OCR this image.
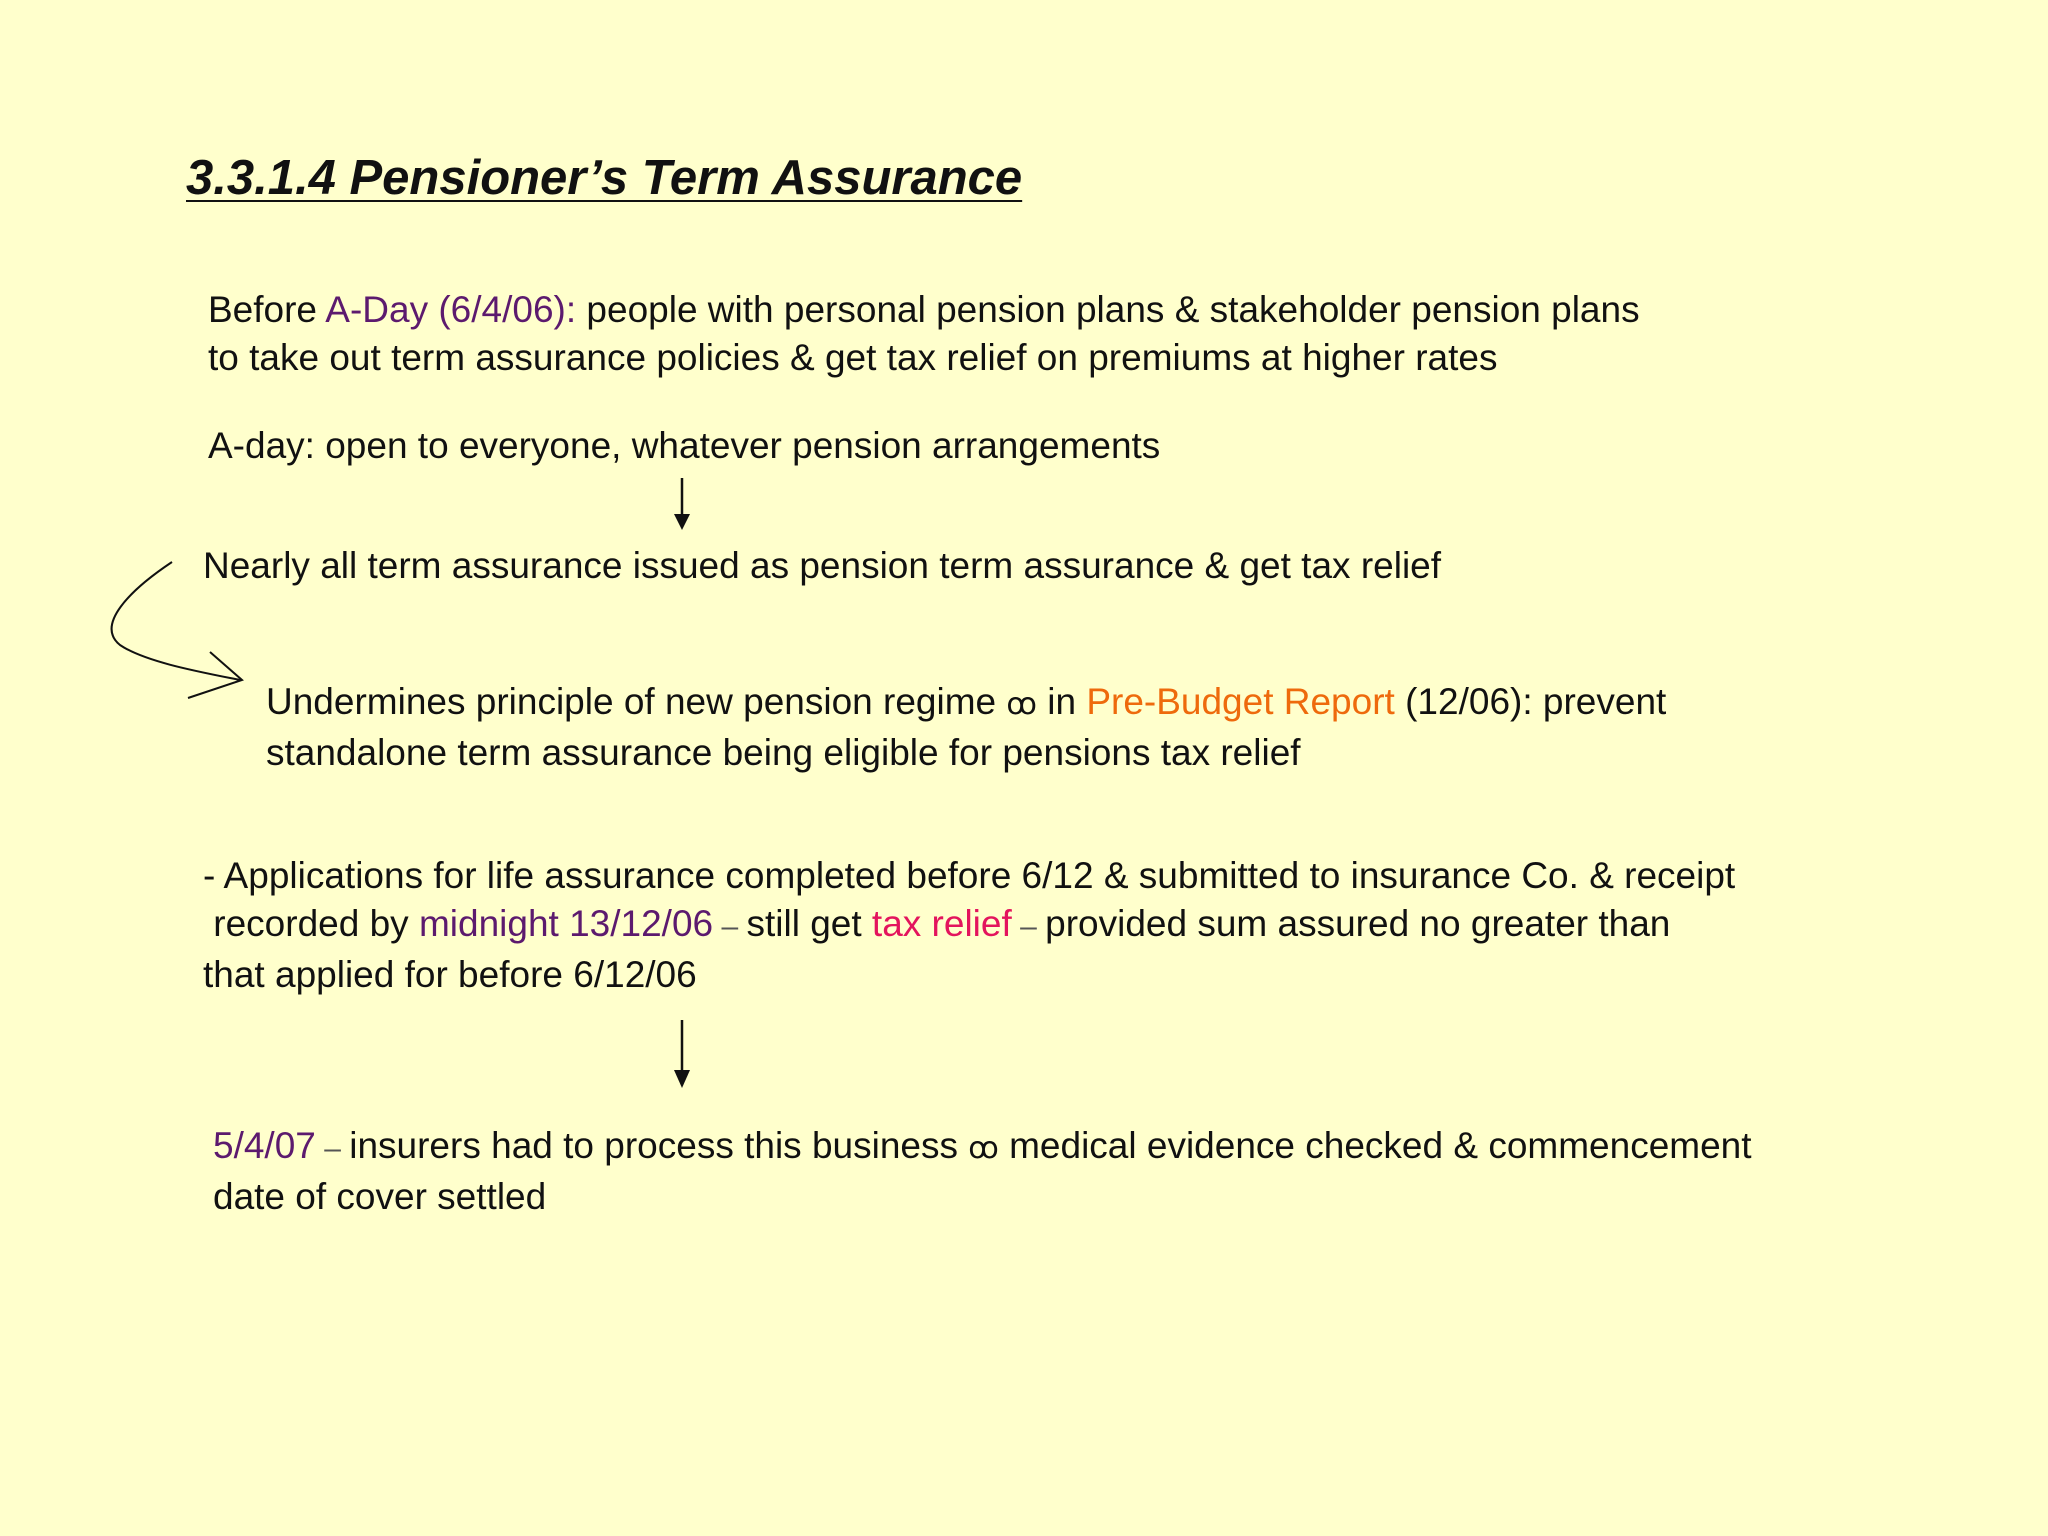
3.3.1.4 Pensioner’s Term Assurance
Before A-Day (6/4/06): people with personal pension plans & stakeholder pension plans
to take out term assurance policies & get tax relief on premiums at higher rates
A-day: open to everyone, whatever pension arrangements
Nearly all term assurance issued as pension term assurance & get tax relief
Undermines principle of new pension regime ꝏ in Pre-Budget Report (12/06): prevent
standalone term assurance being eligible for pensions tax relief
- Applications for life assurance completed before 6/12 & submitted to insurance Co. & receipt
recorded by midnight 13/12/06 – still get tax relief – provided sum assured no greater than
that applied for before 6/12/06
5/4/07 – insurers had to process this business ꝏ medical evidence checked & commencement
date of cover settled
